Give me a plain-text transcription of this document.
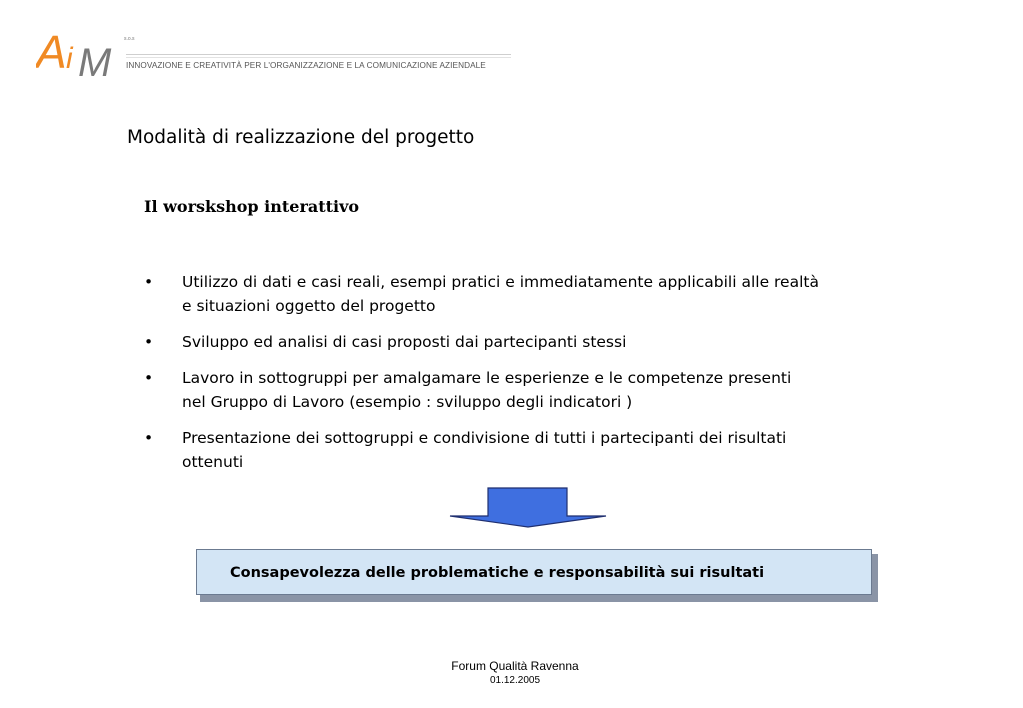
A i M
s.o.s
INNOVAZIONE E CREATIVITÀ PER L'ORGANIZZAZIONE E LA COMUNICAZIONE AZIENDALE
Modalità di realizzazione del progetto
Il worskshop interattivo
• Utilizzo di dati e casi reali, esempi pratici e immediatamente applicabili alle realtà
e situazioni oggetto del progetto
• Sviluppo ed analisi di casi proposti dai partecipanti stessi
• Lavoro in sottogruppi per amalgamare le esperienze e le competenze presenti
nel Gruppo di Lavoro (esempio : sviluppo degli indicatori )
• Presentazione dei sottogruppi e condivisione di tutti i partecipanti dei risultati
ottenuti
Consapevolezza delle problematiche e responsabilità sui risultati
Forum Qualità Ravenna
01.12.2005
